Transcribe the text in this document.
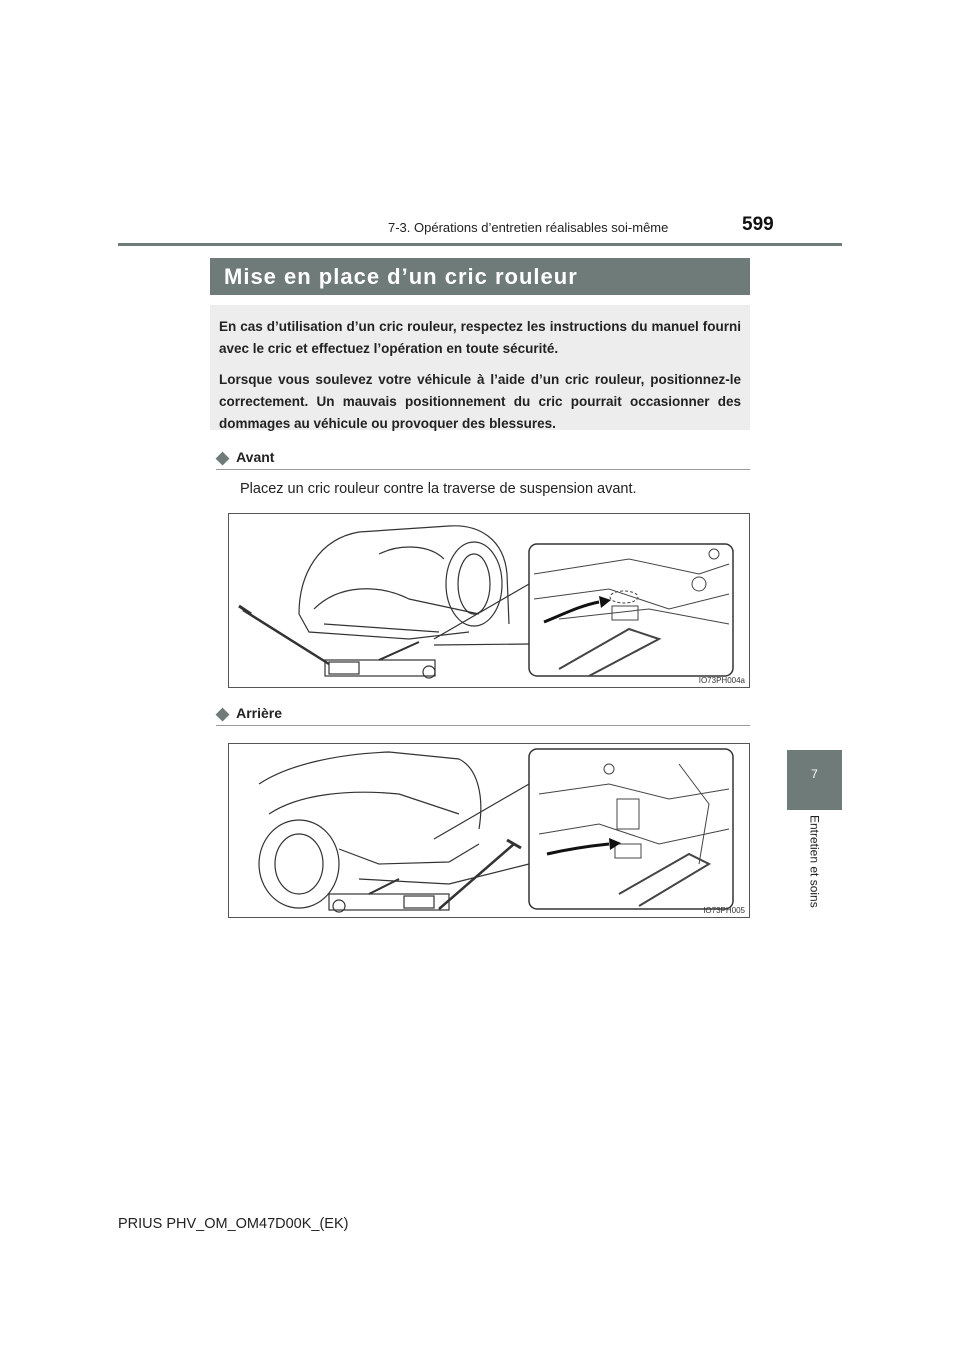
7-3. Opérations d’entretien réalisables soi-même	599
7
Entretien et soins
Mise en place d’un cric rouleur

En cas d’utilisation d’un cric rouleur, respectez les instructions du manuel fourni avec le cric et effectuez l’opération en toute sécurité.

Lorsque vous soulevez votre véhicule à l’aide d’un cric rouleur, positionnez-le correctement. Un mauvais positionnement du cric pourrait occasionner des dommages au véhicule ou provoquer des blessures.

◆ Avant
Placez un cric rouleur contre la traverse de suspension avant.
IO73PH004a
◆ Arrière
IO73PH005
PRIUS PHV_OM_OM47D00K_(EK)
